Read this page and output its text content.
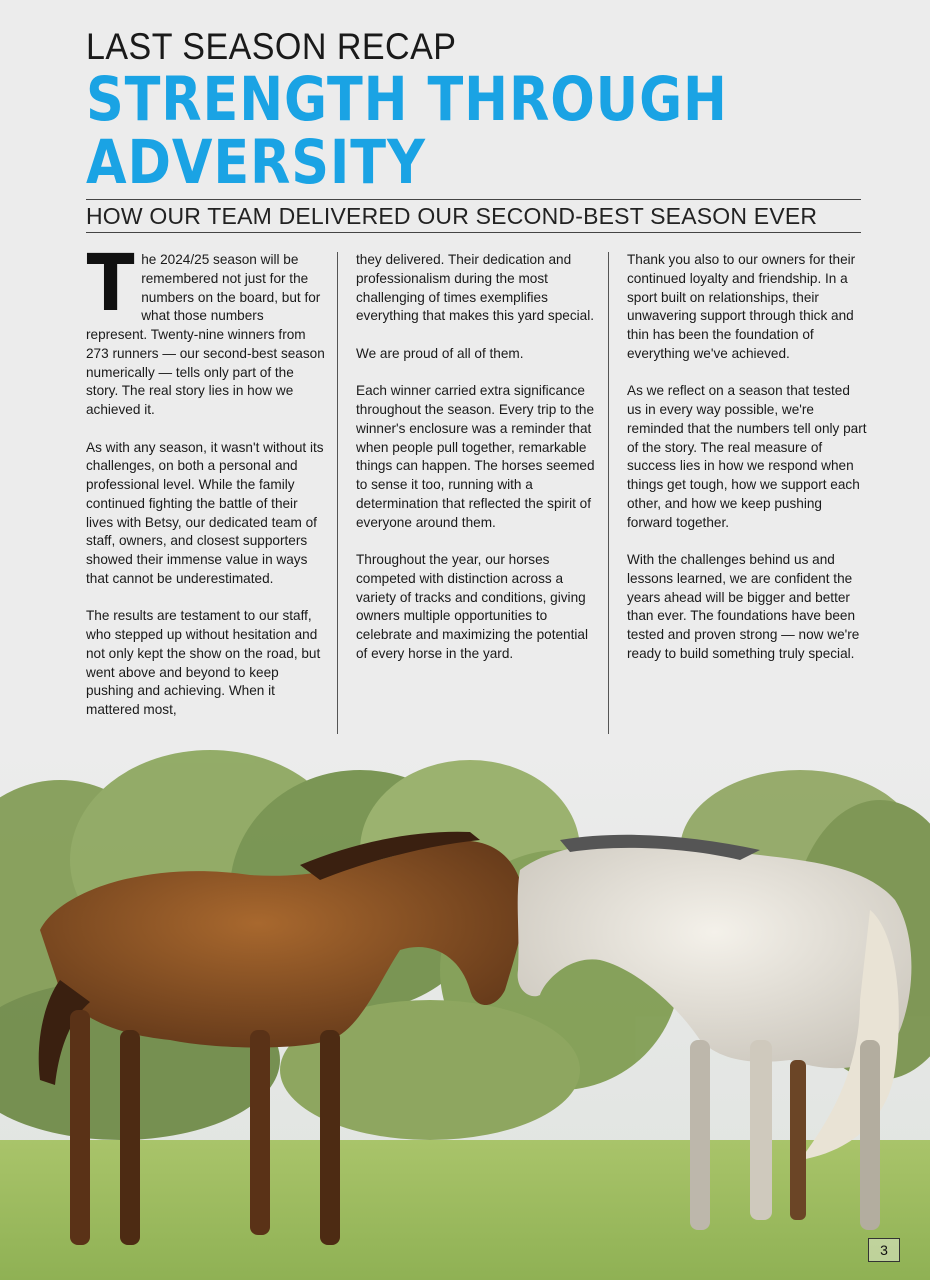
LAST SEASON RECAP
STRENGTH THROUGH
ADVERSITY
HOW OUR TEAM DELIVERED OUR SECOND-BEST SEASON EVER

The 2024/25 season will be remembered not just for the numbers on the board, but for what those numbers represent. Twenty-nine winners from 273 runners — our second-best season numerically — tells only part of the story. The real story lies in how we achieved it.

As with any season, it wasn't without its challenges, on both a personal and professional level. While the family continued fighting the battle of their lives with Betsy, our dedicated team of staff, owners, and closest supporters showed their immense value in ways that cannot be underestimated.

The results are testament to our staff, who stepped up without hesitation and not only kept the show on the road, but went above and beyond to keep pushing and achieving. When it mattered most,

they delivered. Their dedication and professionalism during the most challenging of times exemplifies everything that makes this yard special.

We are proud of all of them.

Each winner carried extra significance throughout the season. Every trip to the winner's enclosure was a reminder that when people pull together, remarkable things can happen. The horses seemed to sense it too, running with a determination that reflected the spirit of everyone around them.

Throughout the year, our horses competed with distinction across a variety of tracks and conditions, giving owners multiple opportunities to celebrate and maximizing the potential of every horse in the yard.

Thank you also to our owners for their continued loyalty and friendship. In a sport built on relationships, their unwavering support through thick and thin has been the foundation of everything we've achieved.

As we reflect on a season that tested us in every way possible, we're reminded that the numbers tell only part of the story. The real measure of success lies in how we respond when things get tough, how we support each other, and how we keep pushing forward together.

With the challenges behind us and lessons learned, we are confident the years ahead will be bigger and better than ever. The foundations have been tested and proven strong — now we're ready to build something truly special.

3
